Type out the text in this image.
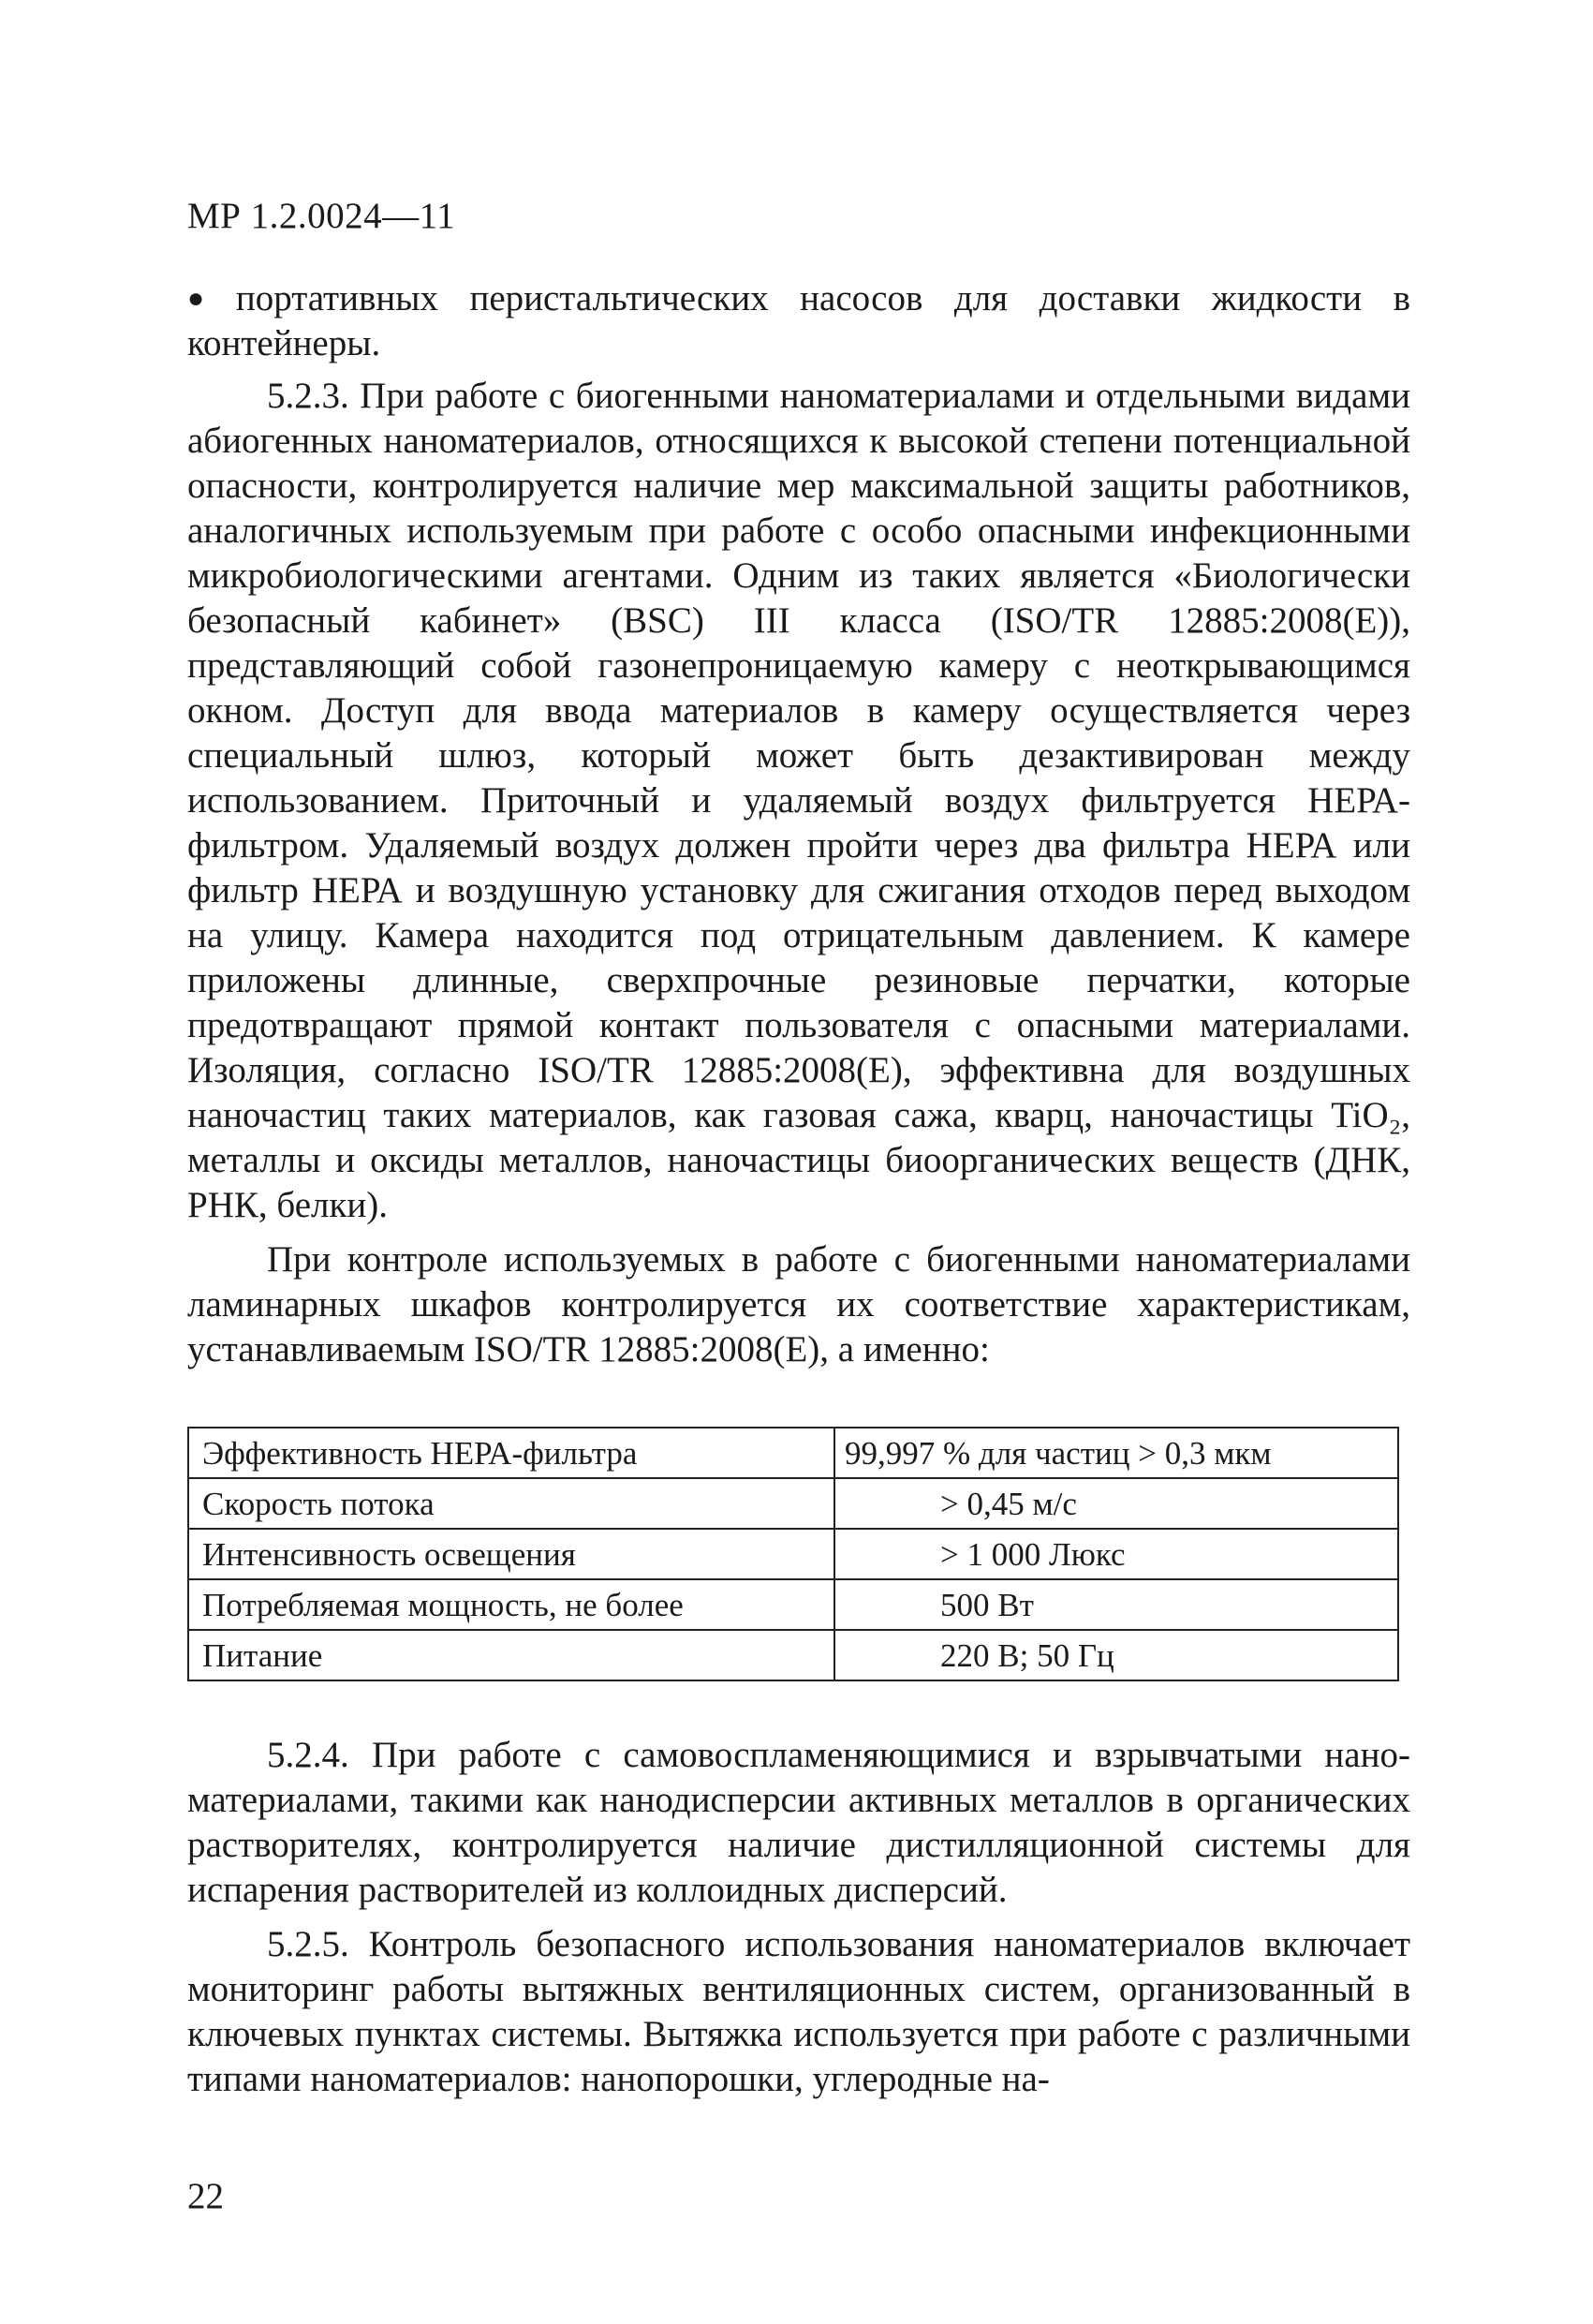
МР 1.2.0024—11

● портативных перистальтических насосов для доставки жидкости в контейнеры.

5.2.3. При работе с биогенными наноматериалами и отдельными видами абиогенных наноматериалов, относящихся к высокой степени потенциальной опасности, контролируется наличие мер максимальной защиты работников, аналогичных используемым при работе с особо опасными инфекционными микробиологическими агентами. Одним из таких является «Биологически безопасный кабинет» (BSC) III класса (ISO/TR 12885:2008(E)), представляющий собой газонепроницаемую камеру с неоткрывающимся окном. Доступ для ввода материалов в камеру осуществляется через специальный шлюз, который может быть дезактивирован между использованием. Приточный и удаляемый воздух фильтруется НЕРА-фильтром. Удаляемый воздух должен пройти через два фильтра НЕРА или фильтр НЕРА и воздушную установку для сжигания отходов перед выходом на улицу. Камера находится под отрицательным давлением. К камере приложены длинные, сверхпрочные резиновые перчатки, которые предотвращают прямой контакт пользователя с опасными материалами. Изоляция, согласно ISO/TR 12885:2008(E), эффективна для воздушных наночастиц таких материалов, как газовая сажа, кварц, наночастицы TiO₂, металлы и оксиды металлов, наночастицы биоорганических веществ (ДНК, РНК, белки).

При контроле используемых в работе с биогенными наноматериалами ламинарных шкафов контролируется их соответствие характеристикам, устанавливаемым ISO/TR 12885:2008(E), а именно:

Эффективность НЕРА-фильтра	99,997 % для частиц > 0,3 мкм
Скорость потока	> 0,45 м/с
Интенсивность освещения	> 1 000 Люкс
Потребляемая мощность, не более	500 Вт
Питание	220 В; 50 Гц

5.2.4. При работе с самовоспламеняющимися и взрывчатыми наноматериалами, такими как нанодисперсии активных металлов в органических растворителях, контролируется наличие дистилляционной системы для испарения растворителей из коллоидных дисперсий.

5.2.5. Контроль безопасного использования наноматериалов включает мониторинг работы вытяжных вентиляционных систем, организованный в ключевых пунктах системы. Вытяжка используется при работе с различными типами наноматериалов: нанопорошки, углеродные на-

22
